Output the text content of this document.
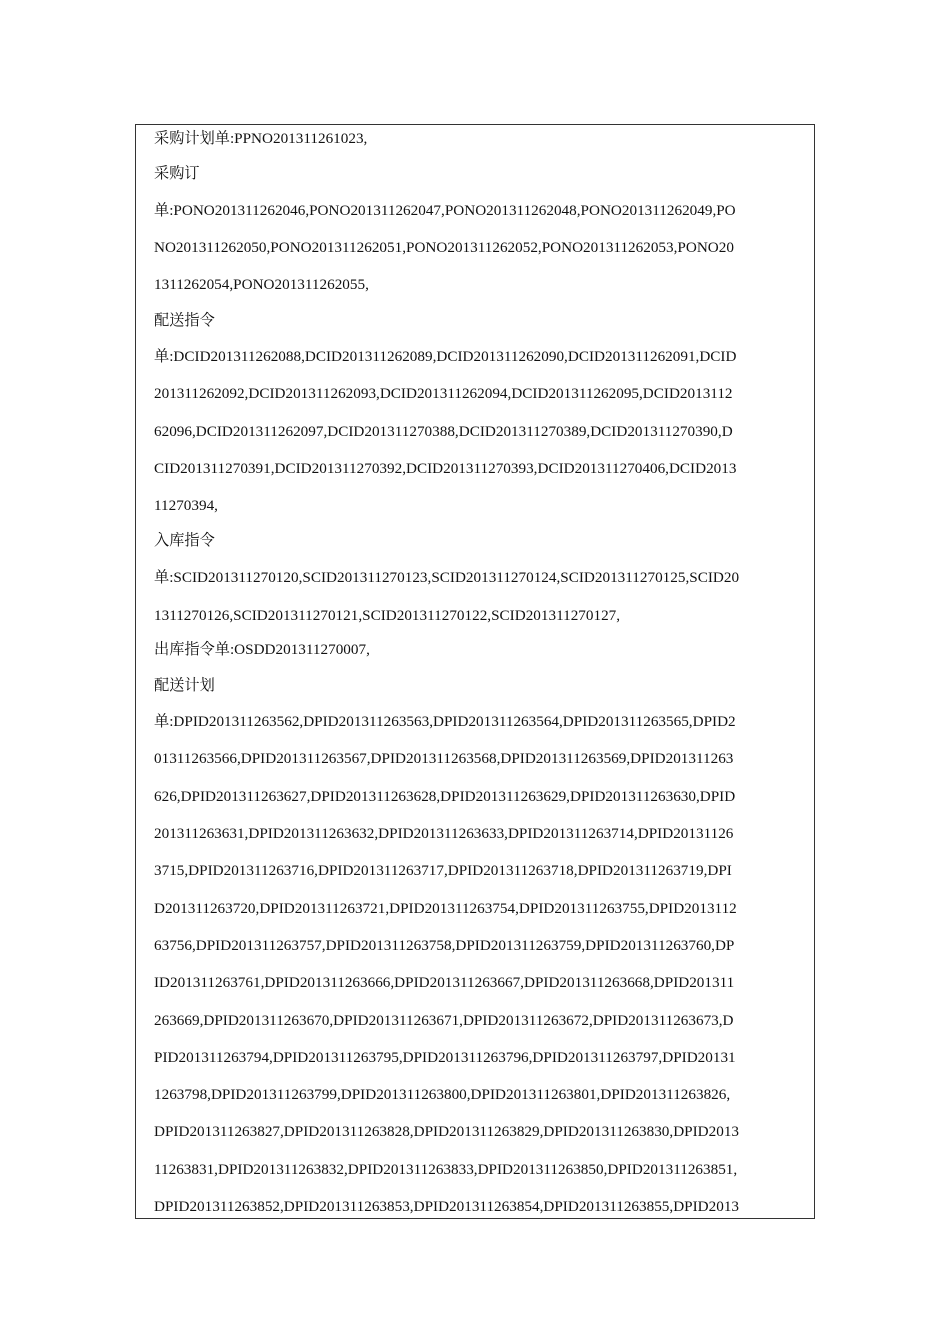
采购计划单:PPNO201311261023,
采购订
单:PONO201311262046,PONO201311262047,PONO201311262048,PONO201311262049,PO
NO201311262050,PONO201311262051,PONO201311262052,PONO201311262053,PONO20
1311262054,PONO201311262055,
配送指令
单:DCID201311262088,DCID201311262089,DCID201311262090,DCID201311262091,DCID
201311262092,DCID201311262093,DCID201311262094,DCID201311262095,DCID2013112
62096,DCID201311262097,DCID201311270388,DCID201311270389,DCID201311270390,D
CID201311270391,DCID201311270392,DCID201311270393,DCID201311270406,DCID2013
11270394,
入库指令
单:SCID201311270120,SCID201311270123,SCID201311270124,SCID201311270125,SCID20
1311270126,SCID201311270121,SCID201311270122,SCID201311270127,
出库指令单:OSDD201311270007,
配送计划
单:DPID201311263562,DPID201311263563,DPID201311263564,DPID201311263565,DPID2
01311263566,DPID201311263567,DPID201311263568,DPID201311263569,DPID201311263
626,DPID201311263627,DPID201311263628,DPID201311263629,DPID201311263630,DPID
201311263631,DPID201311263632,DPID201311263633,DPID201311263714,DPID20131126
3715,DPID201311263716,DPID201311263717,DPID201311263718,DPID201311263719,DPI
D201311263720,DPID201311263721,DPID201311263754,DPID201311263755,DPID2013112
63756,DPID201311263757,DPID201311263758,DPID201311263759,DPID201311263760,DP
ID201311263761,DPID201311263666,DPID201311263667,DPID201311263668,DPID201311
263669,DPID201311263670,DPID201311263671,DPID201311263672,DPID201311263673,D
PID201311263794,DPID201311263795,DPID201311263796,DPID201311263797,DPID20131
1263798,DPID201311263799,DPID201311263800,DPID201311263801,DPID201311263826,
DPID201311263827,DPID201311263828,DPID201311263829,DPID201311263830,DPID2013
11263831,DPID201311263832,DPID201311263833,DPID201311263850,DPID201311263851,
DPID201311263852,DPID201311263853,DPID201311263854,DPID201311263855,DPID2013
